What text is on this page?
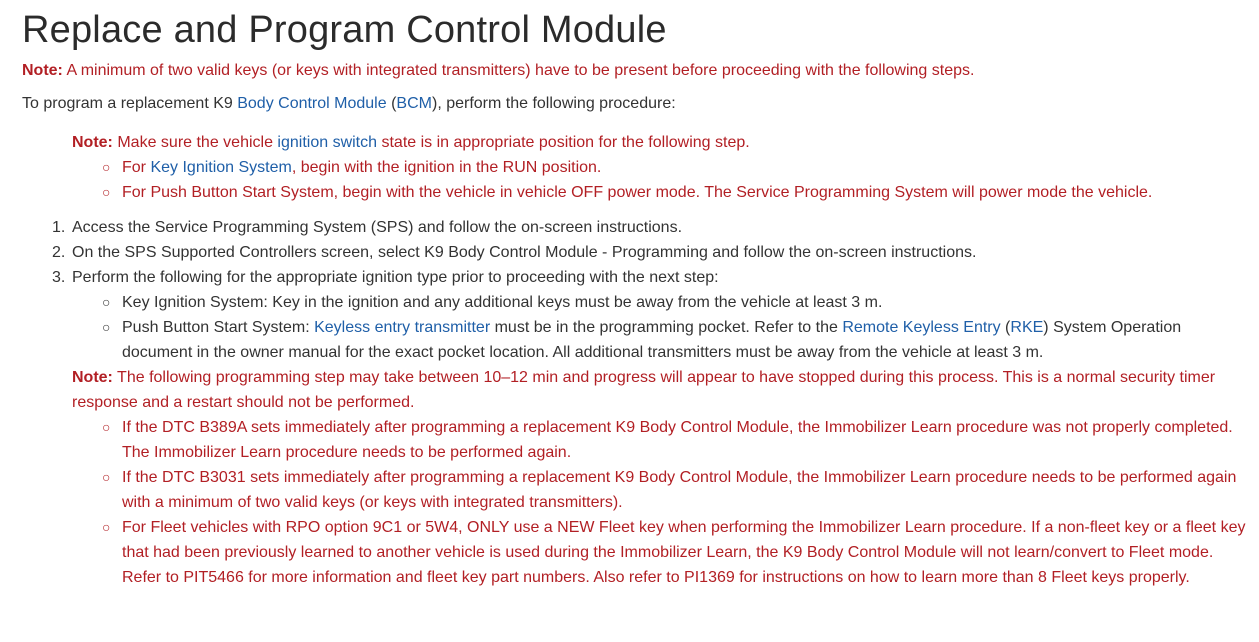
Replace and Program Control Module

Note: A minimum of two valid keys (or keys with integrated transmitters) have to be present before proceeding with the following steps.

To program a replacement K9 Body Control Module (BCM), perform the following procedure:

Note: Make sure the vehicle ignition switch state is in appropriate position for the following step.
○ For Key Ignition System, begin with the ignition in the RUN position.
○ For Push Button Start System, begin with the vehicle in vehicle OFF power mode. The Service Programming System will power mode the vehicle.
1. Access the Service Programming System (SPS) and follow the on-screen instructions.
2. On the SPS Supported Controllers screen, select K9 Body Control Module - Programming and follow the on-screen instructions.
3. Perform the following for the appropriate ignition type prior to proceeding with the next step:
○ Key Ignition System: Key in the ignition and any additional keys must be away from the vehicle at least 3 m.
○ Push Button Start System: Keyless entry transmitter must be in the programming pocket. Refer to the Remote Keyless Entry (RKE) System Operation document in the owner manual for the exact pocket location. All additional transmitters must be away from the vehicle at least 3 m.
Note: The following programming step may take between 10–12 min and progress will appear to have stopped during this process. This is a normal security timer response and a restart should not be performed.
○ If the DTC B389A sets immediately after programming a replacement K9 Body Control Module, the Immobilizer Learn procedure was not properly completed. The Immobilizer Learn procedure needs to be performed again.
○ If the DTC B3031 sets immediately after programming a replacement K9 Body Control Module, the Immobilizer Learn procedure needs to be performed again with a minimum of two valid keys (or keys with integrated transmitters).
○ For Fleet vehicles with RPO option 9C1 or 5W4, ONLY use a NEW Fleet key when performing the Immobilizer Learn procedure. If a non-fleet key or a fleet key that had been previously learned to another vehicle is used during the Immobilizer Learn, the K9 Body Control Module will not learn/convert to Fleet mode. Refer to PIT5466 for more information and fleet key part numbers. Also refer to PI1369 for instructions on how to learn more than 8 Fleet keys properly.
